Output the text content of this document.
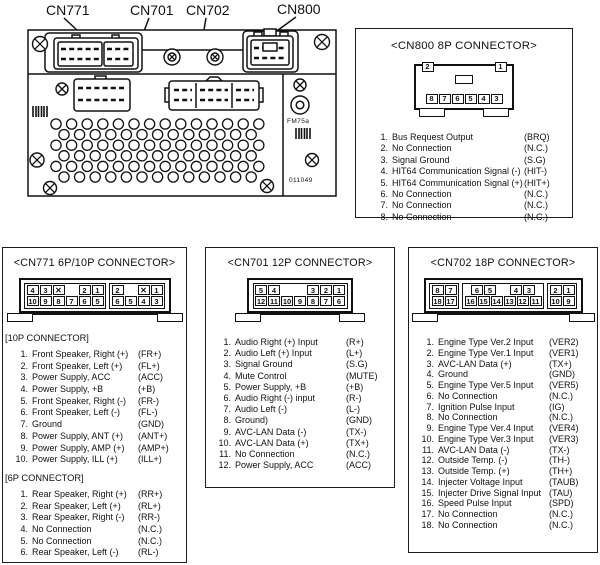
CN771	CN701 CN702	CN800
FM75a
011049
<CN800 8P CONNECTOR>
2	1
8	7	6	5	4	3
1. Bus Request Output	(BRQ)
2. No Connection	(N.C.)
3. Signal Ground	(S.G)
4. HIT64 Communication Signal (-) (HIT-)
5. HIT64 Communication Signal (+) (HIT+)
6. No Connection	(N.C.)
7. No Connection	(N.C.)
8. No Connection	(N.C.)
<CN771 6P/10P CONNECTOR>
4	3 ✕	2	1
10 9	8	7	6	5
2	✕	1
6	5	4	3
[10P CONNECTOR]
1. Front Speaker, Right (+)	(FR+)
2. Front Speaker, Left (+)	(FL+)
3. Power Supply, ACC	(ACC)
4. Power Supply, +B	(+B)
5. Front Speaker, Right (-)	(FR-)
6. Front Speaker, Left (-)	(FL-)
7. Ground	(GND)
8. Power Supply, ANT (+)	(ANT+)
9. Power Supply, AMP (+)	(AMP+)
10. Power Supply, ILL (+)	(ILL+)
[6P CONNECTOR]
1. Rear Speaker, Right (+)	(RR+)
2. Rear Speaker, Left (+)	(RL+)
3. Rear Speaker, Right (-)	(RR-)
4. No Connection	(N.C.)
5. No Connection	(N.C.)
6. Rear Speaker, Left (-)	(RL-)
<CN701 12P CONNECTOR>
5	4	3	2	1
12 11 10 9	8	7	6
1. Audio Right (+) Input	(R+)
2. Audio Left (+) Input	(L+)
3. Signal Ground	(S.G)
4. Mute Control	(MUTE)
5. Power Supply, +B	(+B)
6. Audio Right (-) input	(R-)
7. Audio Left (-)	(L-)
8. Ground)	(GND)
9. AVC-LAN Data (-)	(TX-)
10. AVC-LAN Data (+)	(TX+)
11. No Connection	(N.C.)
12. Power Supply, ACC	(ACC)
<CN702 18P CONNECTOR>
8	7
18 17
6	5	4	3
16 15 14 13 12 11
2	1
10 9
1. Engine Type Ver.2 Input	(VER2)
2. Engine Type Ver.1 Input	(VER1)
3. AVC-LAN Data (+)	(TX+)
4. Ground	(GND)
5. Engine Type Ver.5 Input	(VER5)
6. No Connection	(N.C.)
7. Ignition Pulse Input	(IG)
8. No Connection	(N.C.)
9. Engine Type Ver.4 Input	(VER4)
10. Engine Type Ver.3 Input	(VER3)
11. AVC-LAN Data (-)	(TX-)
12. Outside Temp. (-)	(TH-)
13. Outside Temp. (+)	(TH+)
14. Injecter Voltage Input	(TAUB)
15. Injecter Drive Signal Input (TAU)
16. Speed Pulse Input	(SPD)
17. No Connection	(N.C.)
18. No Connection	(N.C.)
